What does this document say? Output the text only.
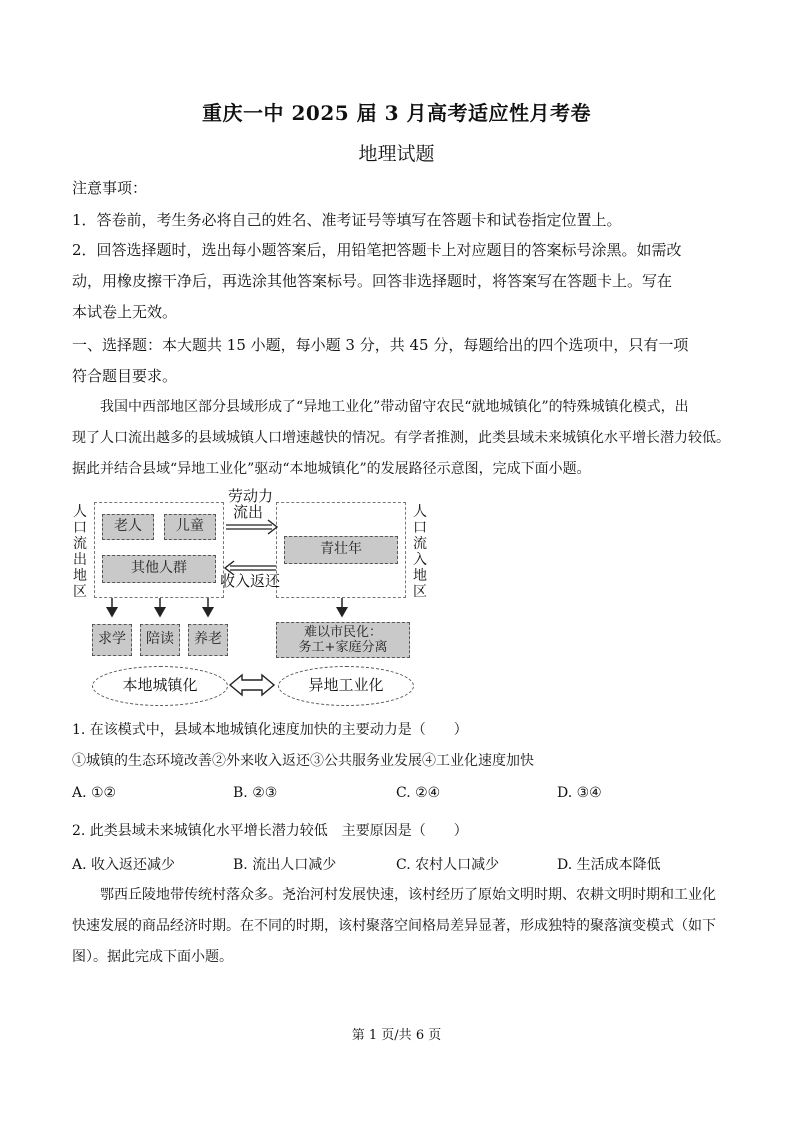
重庆一中 2025 届 3 月高考适应性月考卷
地理试题
注意事项：
1．答卷前，考生务必将自己的姓名、准考证号等填写在答题卡和试卷指定位置上。
2．回答选择题时，选出每小题答案后，用铅笔把答题卡上对应题目的答案标号涂黑。如需改
动，用橡皮擦干净后，再选涂其他答案标号。回答非选择题时，将答案写在答题卡上。写在
本试卷上无效。
一、选择题：本大题共 15 小题，每小题 3 分，共 45 分，每题给出的四个选项中，只有一项
符合题目要求。
我国中西部地区部分县域形成了“异地工业化”带动留守农民“就地城镇化”的特殊城镇化模式，出
现了人口流出越多的县域城镇人口增速越快的情况。有学者推测，此类县域未来城镇化水平增长潜力较低。
据此并结合县域“异地工业化”驱动“本地城镇化”的发展路径示意图，完成下面小题。
人口流出地区
人口流入地区
老人	儿童
其他人群
青壮年
劳动力
流出
收入返还
求学	陪读	养老	难以市民化：
务工+家庭分离
本地城镇化	异地工业化
1. 在该模式中，县域本地城镇化速度加快的主要动力是（　　）
①城镇的生态环境改善②外来收入返还③公共服务业发展④工业化速度加快
A. ①②	B. ②③	C. ②④	D. ③④
2. 此类县域未来城镇化水平增长潜力较低　主要原因是（　　）
A. 收入返还减少	B. 流出人口减少	C. 农村人口减少	D. 生活成本降低
鄂西丘陵地带传统村落众多。尧治河村发展快速，该村经历了原始文明时期、农耕文明时期和工业化
快速发展的商品经济时期。在不同的时期，该村聚落空间格局差异显著，形成独特的聚落演变模式（如下
图）。据此完成下面小题。
第 1 页/共 6 页
